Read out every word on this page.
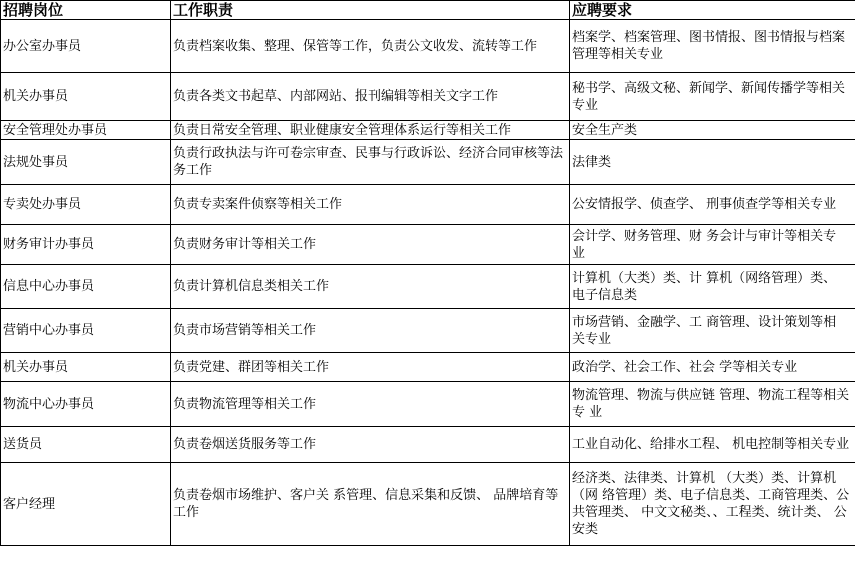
招聘岗位	工作职责	应聘要求
办公室办事员	负责档案收集、整理、保管等工作，负责公文收发、流转等工作	档案学、档案管理、图书情报、图书情报与档案管理等相关专业
机关办事员	负责各类文书起草、内部网站、报刊编辑等相关文字工作	秘书学、高级文秘、新闻学、新闻传播学等相关专业
安全管理处办事员	负责日常安全管理、职业健康安全管理体系运行等相关工作	安全生产类
法规处事员	负责行政执法与许可卷宗审查、民事与行政诉讼、经济合同审核等法务工作	法律类
专卖处办事员	负责专卖案件侦察等相关工作	公安情报学、侦查学、 刑事侦查学等相关专业
财务审计办事员	负责财务审计等相关工作	会计学、财务管理、财 务会计与审计等相关专 业
信息中心办事员	负责计算机信息类相关工作	计算机（大类）类、计 算机（网络管理）类、 电子信息类
营销中心办事员	负责市场营销等相关工作	市场营销、金融学、工 商管理、设计策划等相 关专业
机关办事员	负责党建、群团等相关工作	政治学、社会工作、社会 学等相关专业
物流中心办事员	负责物流管理等相关工作	物流管理、物流与供应链 管理、物流工程等相关专 业
送货员	负责卷烟送货服务等工作	工业自动化、给排水工程、 机电控制等相关专业
客户经理	负责卷烟市场维护、客户关 系管理、信息采集和反馈、 品牌培育等工作	经济类、法律类、计算机 （大类）类、计算机（网 络管理）类、电子信息类、工商管理类、公共管理类、 中文文秘类、、工程类、统计类、 公安类
